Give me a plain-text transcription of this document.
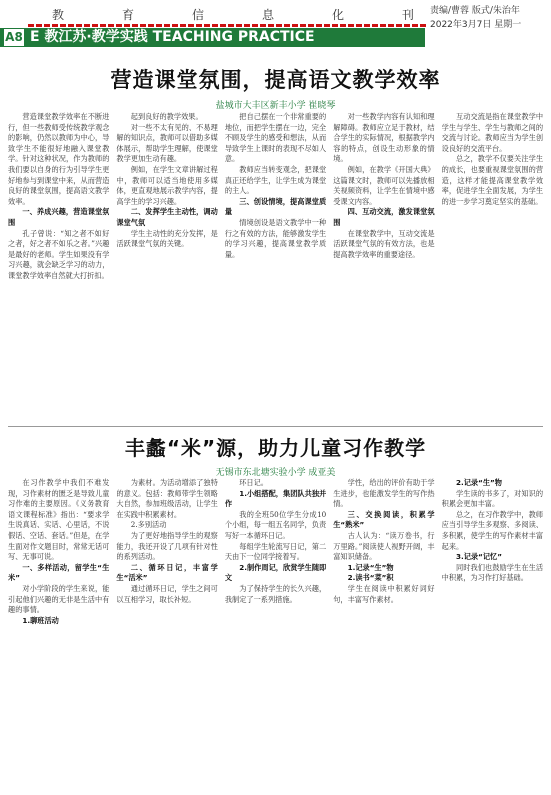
教	育	信	息	化	刊
A8 E 教江苏·教学实践 TEACHING PRACTICE
责编/曹蓉 版式/朱治年
2022年3月7日 星期一
营造课堂氛围，提高语文教学效率
盐城市大丰区新丰小学 崔晓琴

营造课堂教学效率在不断进行，但一些教师受传统教学观念的影响，仍然以教师为中心，导致学生不能很好地融入课堂教学。针对这种状况，作为教师的我们要以自身的行为引导学生更好地参与到课堂中来，从而营造良好的课堂氛围，提高语文教学效率。

一、养成兴趣，营造课堂氛围

孔子曾说：“知之者不如好之者，好之者不如乐之者。”兴趣是最好的老师。学生如果没有学习兴趣，就会缺乏学习的动力，课堂教学效率自然就大打折扣。

起到良好的教学效果。

对一些不太有见的、不易理解的知识点，教师可以借助多媒体展示，帮助学生理解，使课堂教学更加生动有趣。

例如，在学生文章讲解过程中，教师可以适当地使用多媒体，更直观地展示教学内容，提高学生的学习兴趣。

二、发挥学生主动性，调动课堂气氛

学生主动性的充分发挥，是活跃课堂气氛的关键。

把自己摆在一个非常重要的地位，而把学生摆在一边，完全不顾及学生的感受和想法，从而导致学生上课时的表现不尽如人意。

教师应当转变观念，把课堂真正还给学生，让学生成为课堂的主人。

三、创设情境，提高课堂质量

情境创设是语文教学中一种行之有效的方法，能够激发学生的学习兴趣，提高课堂教学质量。

对一些教学内容有认知和理解障碍。教师应立足于教材，结合学生的实际情况，根据教学内容的特点，创设生动形象的情境。

例如，在教学《开国大典》这篇课文时，教师可以先播放相关视频资料，让学生在情境中感受课文内容。

四、互动交流，激发课堂氛围

在课堂教学中，互动交流是活跃课堂气氛的有效方法，也是提高教学效率的重要途径。

互动交流是指在课堂教学中学生与学生、学生与教师之间的交流与讨论。教师应当为学生创设良好的交流平台。

总之，教学不仅要关注学生的成长，也要重视课堂氛围的营造，这样才能提高课堂教学效率，促进学生全面发展，为学生的进一步学习奠定坚实的基础。

丰蠡“米”源，助力儿童习作教学
无锡市东北塘实验小学 成亚美

在习作教学中我们不难发现，习作素材的匮乏是导致儿童习作难的主要原因。《义务教育语文课程标准》指出：“要求学生说真话、实话、心里话，不说假话、空话、套话。”但是，在学生面对作文题目时，常常无话可写、无事可说。

一、多样活动，留学生“生米”

对小学阶段的学生来说，能引起他们兴趣的无非是生活中有趣的事情。

1.聊班活动

为素材。为活动增添了独特的意义。包括：教师带学生领略大自然，参加班级活动，让学生在实践中积累素材。

2.多别活动

为了更好地指导学生的观察能力，我还开设了几项有针对性的系列活动。

二、循环日记，丰富学生“活米”

通过循环日记，学生之间可以互相学习，取长补短。

环日记。

1.小组搭配，集团队共独并作

我的全班50位学生分成10个小组，每一组五名同学，负责写好一本循环日记。

每组学生轮流写日记，第二天由下一位同学接着写。

2.制作周记，欣赏学生随即文

为了保持学生的长久兴趣，我制定了一系列措施。

学性，给出的评价有助于学生进步，也能激发学生的写作热情。

三、交换阅读，积累学生“熟米”

古人认为：“读万卷书，行万里路。”阅读使人视野开阔，丰富知识储备。

1.记录“生”物

2.读书“菜”积

学生在阅读中积累好词好句，丰富写作素材。

2.记录“生”物

学生读的书多了，对知识的积累会更加丰富。

总之，在习作教学中，教师应当引导学生多观察、多阅读、多积累，使学生的写作素材丰富起来。

3.记录“记忆”

同时我们也鼓励学生在生活中积累，为习作打好基础。
